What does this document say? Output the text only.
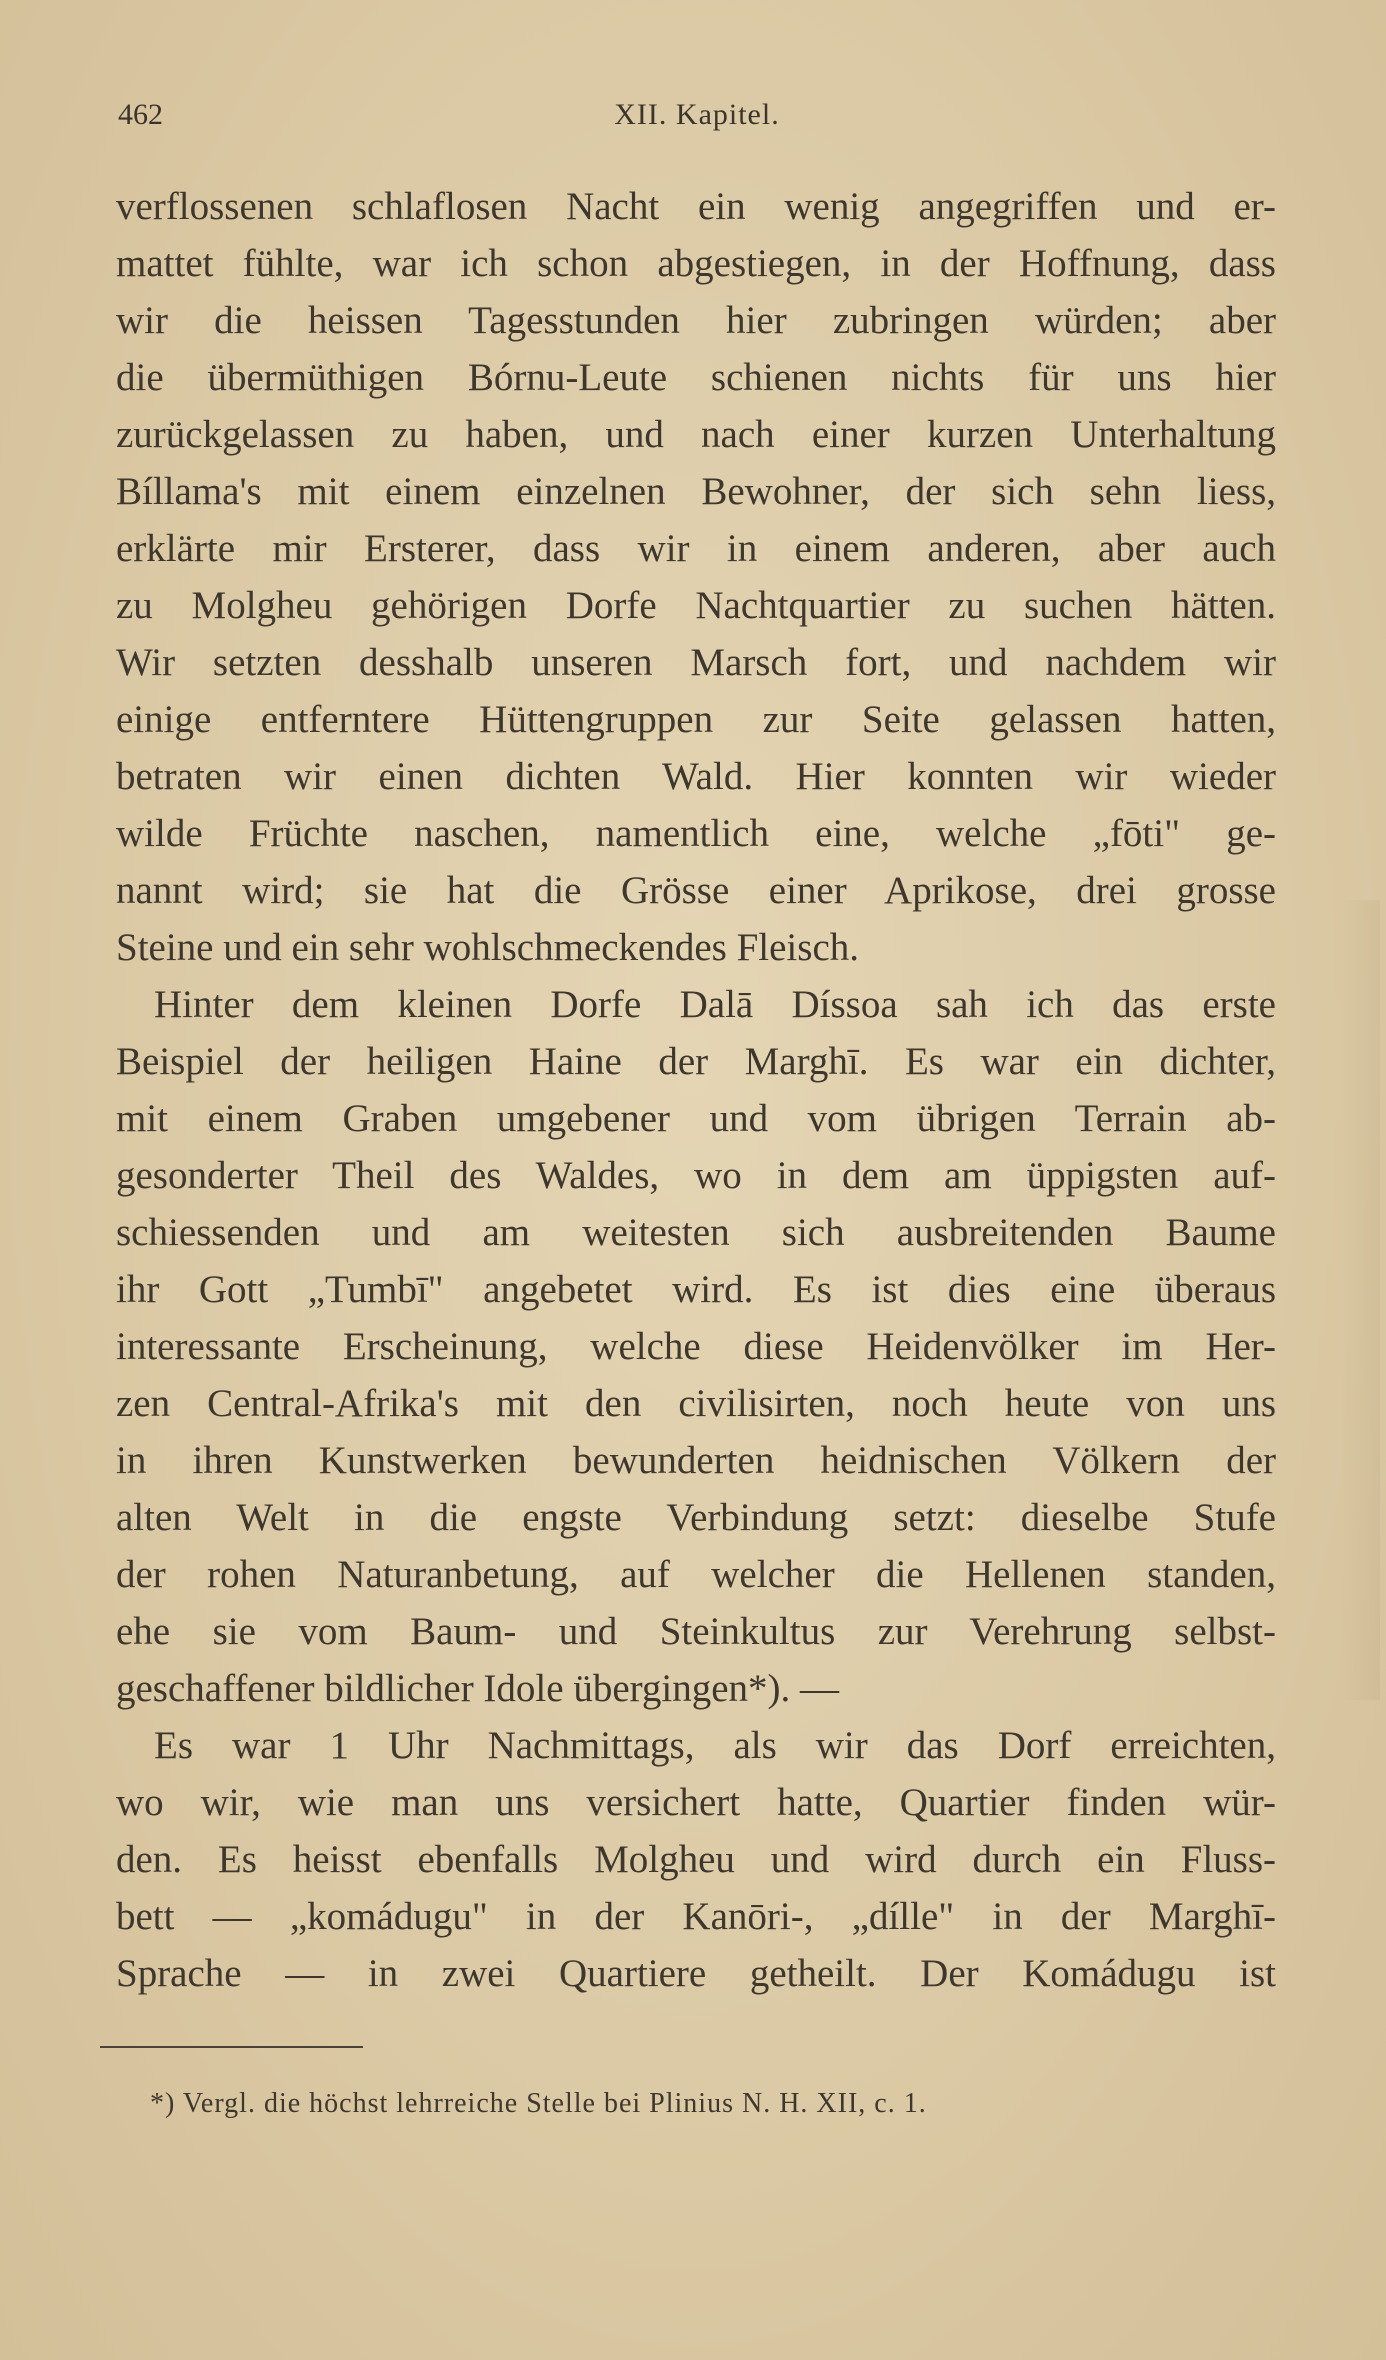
462	XII. Kapitel.
verflossenen schlaflosen Nacht ein wenig angegriffen und er-
mattet fühlte, war ich schon abgestiegen, in der Hoffnung, dass
wir die heissen Tagesstunden hier zubringen würden; aber
die übermüthigen Bórnu-Leute schienen nichts für uns hier
zurückgelassen zu haben, und nach einer kurzen Unterhaltung
Bíllama's mit einem einzelnen Bewohner, der sich sehn liess,
erklärte mir Ersterer, dass wir in einem anderen, aber auch
zu Molgheu gehörigen Dorfe Nachtquartier zu suchen hätten.
Wir setzten desshalb unseren Marsch fort, und nachdem wir
einige entferntere Hüttengruppen zur Seite gelassen hatten,
betraten wir einen dichten Wald. Hier konnten wir wieder
wilde Früchte naschen, namentlich eine, welche „fōti" ge-
nannt wird; sie hat die Grösse einer Aprikose, drei grosse
Steine und ein sehr wohlschmeckendes Fleisch.
Hinter dem kleinen Dorfe Dalā Díssoa sah ich das erste
Beispiel der heiligen Haine der Marghī. Es war ein dichter,
mit einem Graben umgebener und vom übrigen Terrain ab-
gesonderter Theil des Waldes, wo in dem am üppigsten auf-
schiessenden und am weitesten sich ausbreitenden Baume
ihr Gott „Tumbī" angebetet wird. Es ist dies eine überaus
interessante Erscheinung, welche diese Heidenvölker im Her-
zen Central-Afrika's mit den civilisirten, noch heute von uns
in ihren Kunstwerken bewunderten heidnischen Völkern der
alten Welt in die engste Verbindung setzt: dieselbe Stufe
der rohen Naturanbetung, auf welcher die Hellenen standen,
ehe sie vom Baum- und Steinkultus zur Verehrung selbst-
geschaffener bildlicher Idole übergingen*). —
Es war 1 Uhr Nachmittags, als wir das Dorf erreichten,
wo wir, wie man uns versichert hatte, Quartier finden wür-
den. Es heisst ebenfalls Molgheu und wird durch ein Fluss-
bett — „komádugu" in der Kanōri-, „dílle" in der Marghī-
Sprache — in zwei Quartiere getheilt. Der Komádugu ist
*) Vergl. die höchst lehrreiche Stelle bei Plinius N. H. XII, c. 1.
